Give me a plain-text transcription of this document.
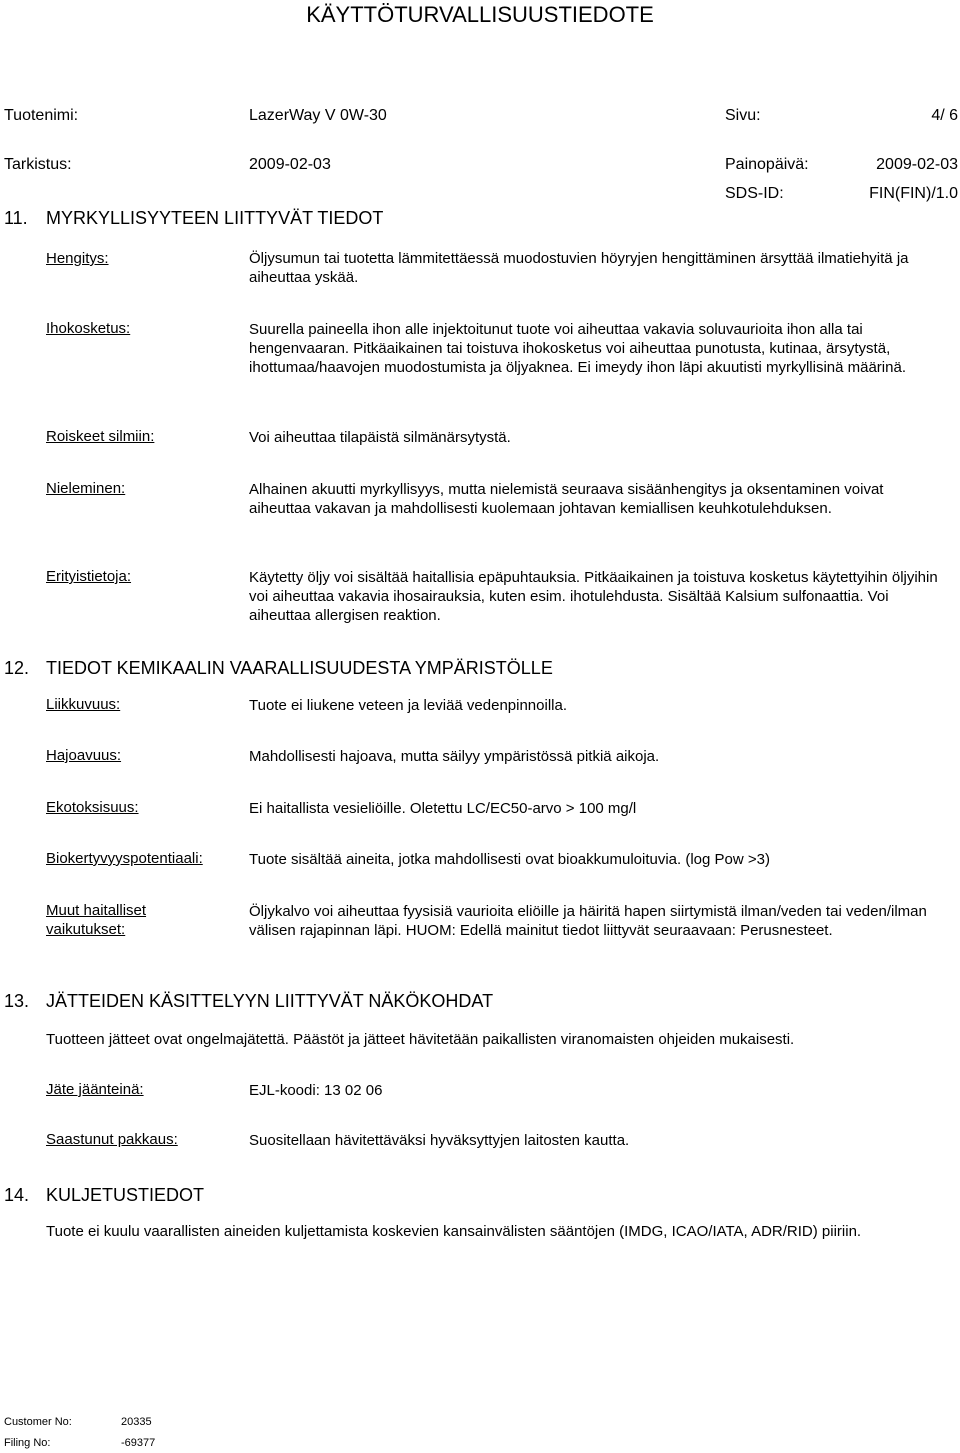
KÄYTTÖTURVALLISUUSTIEDOTE
Tuotenimi:	LazerWay V 0W-30	Sivu:	4/ 6
Tarkistus:	2009-02-03	Painopäivä:	2009-02-03
SDS-ID:	FIN(FIN)/1.0
11. MYRKYLLISYYTEEN LIITTYVÄT TIEDOT
Hengitys:	Öljysumun tai tuotetta lämmitettäessä muodostuvien höyryjen hengittäminen ärsyttää ilmatiehyitä ja aiheuttaa yskää.
Ihokosketus:	Suurella paineella ihon alle injektoitunut tuote voi aiheuttaa vakavia soluvaurioita ihon alla tai hengenvaaran. Pitkäaikainen tai toistuva ihokosketus voi aiheuttaa punotusta, kutinaa, ärsytystä, ihottumaa/haavojen muodostumista ja öljyaknea. Ei imeydy ihon läpi akuutisti myrkyllisinä määrinä.
Roiskeet silmiin:	Voi aiheuttaa tilapäistä silmänärsytystä.
Nieleminen:	Alhainen akuutti myrkyllisyys, mutta nielemistä seuraava sisäänhengitys ja oksentaminen voivat aiheuttaa vakavan ja mahdollisesti kuolemaan johtavan kemiallisen keuhkotulehduksen.
Erityistietoja:	Käytetty öljy voi sisältää haitallisia epäpuhtauksia. Pitkäaikainen ja toistuva kosketus käytettyihin öljyihin voi aiheuttaa vakavia ihosairauksia, kuten esim. ihotulehdusta. Sisältää Kalsium sulfonaattia. Voi aiheuttaa allergisen reaktion.
12. TIEDOT KEMIKAALIN VAARALLISUUDESTA YMPÄRISTÖLLE
Liikkuvuus:	Tuote ei liukene veteen ja leviää vedenpinnoilla.
Hajoavuus:	Mahdollisesti hajoava, mutta säilyy ympäristössä pitkiä aikoja.
Ekotoksisuus:	Ei haitallista vesieliöille. Oletettu LC/EC50-arvo > 100 mg/l
Biokertyvyyspotentiaali:	Tuote sisältää aineita, jotka mahdollisesti ovat bioakkumuloituvia. (log Pow >3)
Muut haitalliset
vaikutukset:
Öljykalvo voi aiheuttaa fyysisiä vaurioita eliöille ja häiritä hapen siirtymistä ilman/veden tai veden/ilman välisen rajapinnan läpi. HUOM: Edellä mainitut tiedot liittyvät seuraavaan: Perusnesteet.
13. JÄTTEIDEN KÄSITTELYYN LIITTYVÄT NÄKÖKOHDAT
Tuotteen jätteet ovat ongelmajätettä. Päästöt ja jätteet hävitetään paikallisten viranomaisten ohjeiden mukaisesti.
Jäte jäänteinä:	EJL-koodi: 13 02 06
Saastunut pakkaus:	Suositellaan hävitettäväksi hyväksyttyjen laitosten kautta.
14. KULJETUSTIEDOT
Tuote ei kuulu vaarallisten aineiden kuljettamista koskevien kansainvälisten sääntöjen (IMDG, ICAO/IATA, ADR/RID) piiriin.
Customer No:	20335
Filing No:	-69377
